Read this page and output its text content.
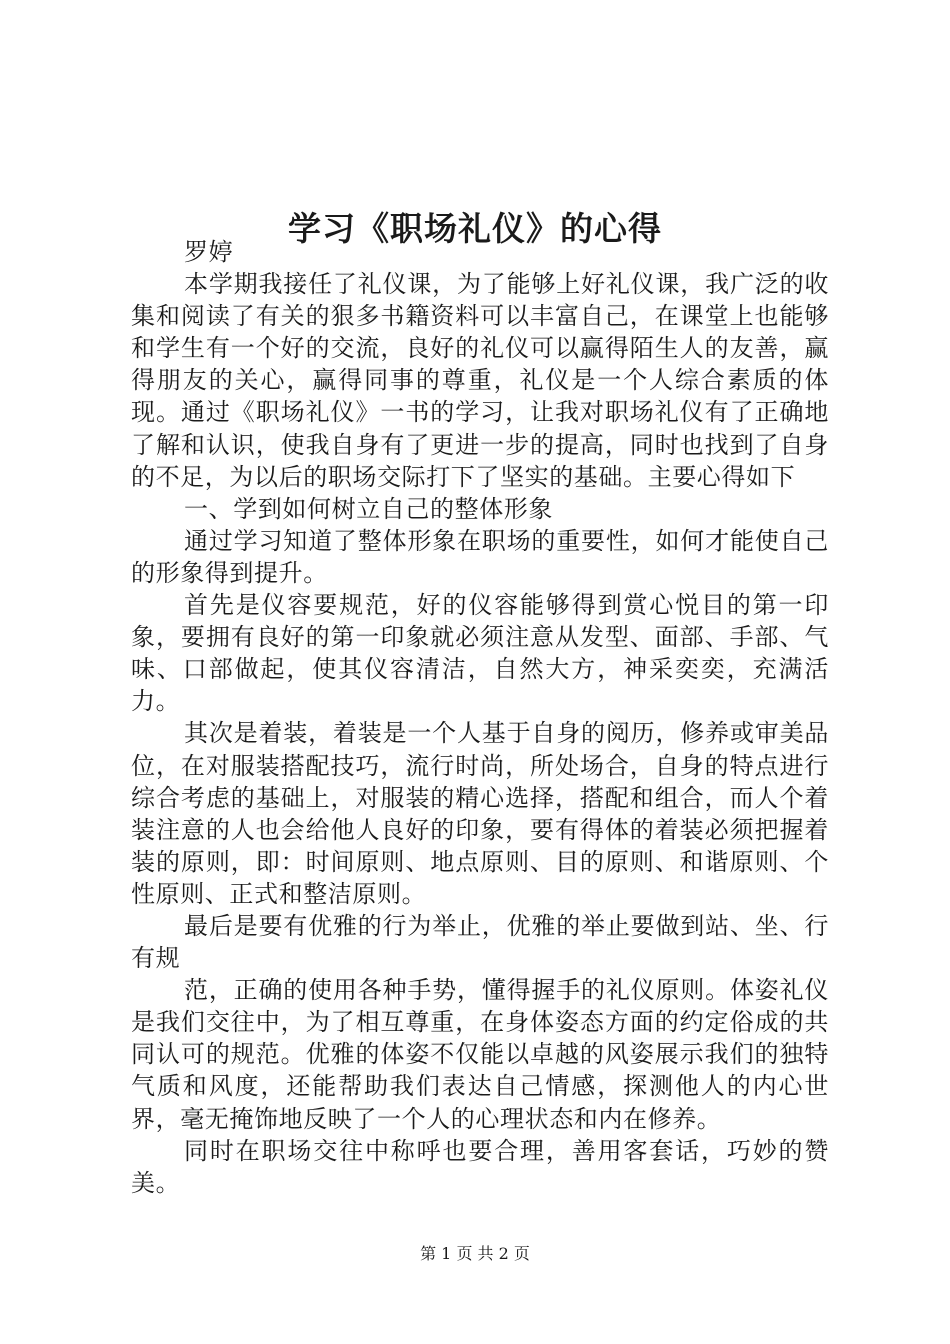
学习《职场礼仪》的心得

罗婷

本学期我接任了礼仪课，为了能够上好礼仪课，我广泛的收集和阅读了有关的狠多书籍资料可以丰富自己，在课堂上也能够和学生有一个好的交流，良好的礼仪可以赢得陌生人的友善，赢得朋友的关心，赢得同事的尊重，礼仪是一个人综合素质的体现。通过《职场礼仪》一书的学习，让我对职场礼仪有了正确地了解和认识，使我自身有了更进一步的提高，同时也找到了自身的不足，为以后的职场交际打下了坚实的基础。主要心得如下

一、学到如何树立自己的整体形象

通过学习知道了整体形象在职场的重要性，如何才能使自己的形象得到提升。

首先是仪容要规范，好的仪容能够得到赏心悦目的第一印象，要拥有良好的第一印象就必须注意从发型、面部、手部、气味、口部做起，使其仪容清洁，自然大方，神采奕奕，充满活力。

其次是着装，着装是一个人基于自身的阅历，修养或审美品位，在对服装搭配技巧，流行时尚，所处场合，自身的特点进行综合考虑的基础上，对服装的精心选择，搭配和组合，而人个着装注意的人也会给他人良好的印象，要有得体的着装必须把握着装的原则，即：时间原则、地点原则、目的原则、和谐原则、个性原则、正式和整洁原则。

最后是要有优雅的行为举止，优雅的举止要做到站、坐、行有规

范，正确的使用各种手势，懂得握手的礼仪原则。体姿礼仪是我们交往中，为了相互尊重，在身体姿态方面的约定俗成的共同认可的规范。优雅的体姿不仅能以卓越的风姿展示我们的独特气质和风度，还能帮助我们表达自己情感，探测他人的内心世界，毫无掩饰地反映了一个人的心理状态和内在修养。

同时在职场交往中称呼也要合理，善用客套话，巧妙的赞美。

第 1 页 共 2 页
